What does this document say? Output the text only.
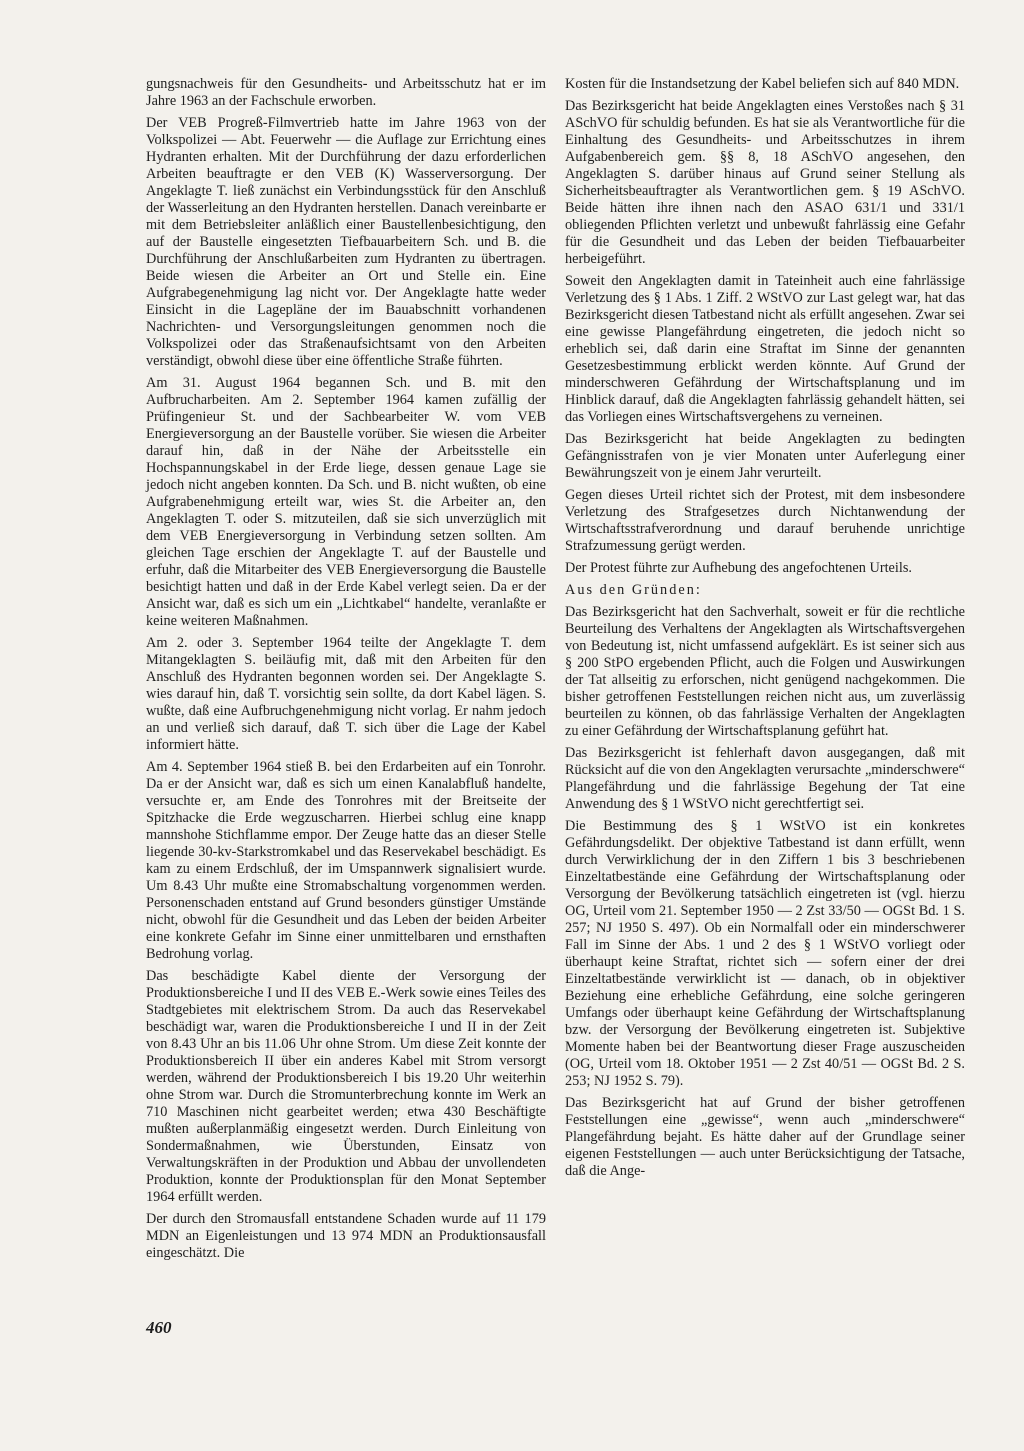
gungsnachweis für den Gesundheits- und Arbeitsschutz hat er im Jahre 1963 an der Fachschule erworben.

Der VEB Progreß-Filmvertrieb hatte im Jahre 1963 von der Volkspolizei — Abt. Feuerwehr — die Auflage zur Errichtung eines Hydranten erhalten. Mit der Durchführung der dazu erforderlichen Arbeiten beauftragte er den VEB (K) Wasserversorgung. Der Angeklagte T. ließ zunächst ein Verbindungsstück für den Anschluß der Wasserleitung an den Hydranten herstellen. Danach vereinbarte er mit dem Betriebsleiter anläßlich einer Baustellenbesichtigung, den auf der Baustelle eingesetzten Tiefbauarbeitern Sch. und B. die Durchführung der Anschlußarbeiten zum Hydranten zu übertragen. Beide wiesen die Arbeiter an Ort und Stelle ein. Eine Aufgrabegenehmigung lag nicht vor. Der Angeklagte hatte weder Einsicht in die Lagepläne der im Bauabschnitt vorhandenen Nachrichten- und Versorgungsleitungen genommen noch die Volkspolizei oder das Straßenaufsichtsamt von den Arbeiten verständigt, obwohl diese über eine öffentliche Straße führten.

Am 31. August 1964 begannen Sch. und B. mit den Aufbrucharbeiten. Am 2. September 1964 kamen zufällig der Prüfingenieur St. und der Sachbearbeiter W. vom VEB Energieversorgung an der Baustelle vorüber. Sie wiesen die Arbeiter darauf hin, daß in der Nähe der Arbeitsstelle ein Hochspannungskabel in der Erde liege, dessen genaue Lage sie jedoch nicht angeben konnten. Da Sch. und B. nicht wußten, ob eine Aufgrabenehmigung erteilt war, wies St. die Arbeiter an, den Angeklagten T. oder S. mitzuteilen, daß sie sich unverzüglich mit dem VEB Energieversorgung in Verbindung setzen sollten. Am gleichen Tage erschien der Angeklagte T. auf der Baustelle und erfuhr, daß die Mitarbeiter des VEB Energieversorgung die Baustelle besichtigt hatten und daß in der Erde Kabel verlegt seien. Da er der Ansicht war, daß es sich um ein „Lichtkabel“ handelte, veranlaßte er keine weiteren Maßnahmen.

Am 2. oder 3. September 1964 teilte der Angeklagte T. dem Mitangeklagten S. beiläufig mit, daß mit den Arbeiten für den Anschluß des Hydranten begonnen worden sei. Der Angeklagte S. wies darauf hin, daß T. vorsichtig sein sollte, da dort Kabel lägen. S. wußte, daß eine Aufbruchgenehmigung nicht vorlag. Er nahm jedoch an und verließ sich darauf, daß T. sich über die Lage der Kabel informiert hätte.

Am 4. September 1964 stieß B. bei den Erdarbeiten auf ein Tonrohr. Da er der Ansicht war, daß es sich um einen Kanalabfluß handelte, versuchte er, am Ende des Tonrohres mit der Breitseite der Spitzhacke die Erde wegzuscharren. Hierbei schlug eine knapp mannshohe Stichflamme empor. Der Zeuge hatte das an dieser Stelle liegende 30-kv-Starkstromkabel und das Reservekabel beschädigt. Es kam zu einem Erdschluß, der im Umspannwerk signalisiert wurde. Um 8.43 Uhr mußte eine Stromabschaltung vorgenommen werden. Personenschaden entstand auf Grund besonders günstiger Umstände nicht, obwohl für die Gesundheit und das Leben der beiden Arbeiter eine konkrete Gefahr im Sinne einer unmittelbaren und ernsthaften Bedrohung vorlag.

Das beschädigte Kabel diente der Versorgung der Produktionsbereiche I und II des VEB E.-Werk sowie eines Teiles des Stadtgebietes mit elektrischem Strom. Da auch das Reservekabel beschädigt war, waren die Produktionsbereiche I und II in der Zeit von 8.43 Uhr an bis 11.06 Uhr ohne Strom. Um diese Zeit konnte der Produktionsbereich II über ein anderes Kabel mit Strom versorgt werden, während der Produktionsbereich I bis 19.20 Uhr weiterhin ohne Strom war. Durch die Stromunterbrechung konnte im Werk an 710 Maschinen nicht gearbeitet werden; etwa 430 Beschäftigte mußten außerplanmäßig eingesetzt werden. Durch Einleitung von Sondermaßnahmen, wie Überstunden, Einsatz von Verwaltungskräften in der Produktion und Abbau der unvollendeten Produktion, konnte der Produktionsplan für den Monat September 1964 erfüllt werden.

Der durch den Stromausfall entstandene Schaden wurde auf 11 179 MDN an Eigenleistungen und 13 974 MDN an Produktionsausfall eingeschätzt. Die

Kosten für die Instandsetzung der Kabel beliefen sich auf 840 MDN.

Das Bezirksgericht hat beide Angeklagten eines Verstoßes nach § 31 ASchVO für schuldig befunden. Es hat sie als Verantwortliche für die Einhaltung des Gesundheits- und Arbeitsschutzes in ihrem Aufgabenbereich gem. §§ 8, 18 ASchVO angesehen, den Angeklagten S. darüber hinaus auf Grund seiner Stellung als Sicherheitsbeauftragter als Verantwortlichen gem. § 19 ASchVO. Beide hätten ihre ihnen nach den ASAO 631/1 und 331/1 obliegenden Pflichten verletzt und unbewußt fahrlässig eine Gefahr für die Gesundheit und das Leben der beiden Tiefbauarbeiter herbeigeführt.

Soweit den Angeklagten damit in Tateinheit auch eine fahrlässige Verletzung des § 1 Abs. 1 Ziff. 2 WStVO zur Last gelegt war, hat das Bezirksgericht diesen Tatbestand nicht als erfüllt angesehen. Zwar sei eine gewisse Plangefährdung eingetreten, die jedoch nicht so erheblich sei, daß darin eine Straftat im Sinne der genannten Gesetzesbestimmung erblickt werden könnte. Auf Grund der minderschweren Gefährdung der Wirtschaftsplanung und im Hinblick darauf, daß die Angeklagten fahrlässig gehandelt hätten, sei das Vorliegen eines Wirtschaftsvergehens zu verneinen.

Das Bezirksgericht hat beide Angeklagten zu bedingten Gefängnisstrafen von je vier Monaten unter Auferlegung einer Bewährungszeit von je einem Jahr verurteilt.

Gegen dieses Urteil richtet sich der Protest, mit dem insbesondere Verletzung des Strafgesetzes durch Nichtanwendung der Wirtschaftsstrafverordnung und darauf beruhende unrichtige Strafzumessung gerügt werden.

Der Protest führte zur Aufhebung des angefochtenen Urteils.

Aus den Gründen:

Das Bezirksgericht hat den Sachverhalt, soweit er für die rechtliche Beurteilung des Verhaltens der Angeklagten als Wirtschaftsvergehen von Bedeutung ist, nicht umfassend aufgeklärt. Es ist seiner sich aus § 200 StPO ergebenden Pflicht, auch die Folgen und Auswirkungen der Tat allseitig zu erforschen, nicht genügend nachgekommen. Die bisher getroffenen Feststellungen reichen nicht aus, um zuverlässig beurteilen zu können, ob das fahrlässige Verhalten der Angeklagten zu einer Gefährdung der Wirtschaftsplanung geführt hat.

Das Bezirksgericht ist fehlerhaft davon ausgegangen, daß mit Rücksicht auf die von den Angeklagten verursachte „minderschwere“ Plangefährdung und die fahrlässige Begehung der Tat eine Anwendung des § 1 WStVO nicht gerechtfertigt sei.

Die Bestimmung des § 1 WStVO ist ein konkretes Gefährdungsdelikt. Der objektive Tatbestand ist dann erfüllt, wenn durch Verwirklichung der in den Ziffern 1 bis 3 beschriebenen Einzeltatbestände eine Gefährdung der Wirtschaftsplanung oder Versorgung der Bevölkerung tatsächlich eingetreten ist (vgl. hierzu OG, Urteil vom 21. September 1950 — 2 Zst 33/50 — OGSt Bd. 1 S. 257; NJ 1950 S. 497). Ob ein Normalfall oder ein minderschwerer Fall im Sinne der Abs. 1 und 2 des § 1 WStVO vorliegt oder überhaupt keine Straftat, richtet sich — sofern einer der drei Einzeltatbestände verwirklicht ist — danach, ob in objektiver Beziehung eine erhebliche Gefährdung, eine solche geringeren Umfangs oder überhaupt keine Gefährdung der Wirtschaftsplanung bzw. der Versorgung der Bevölkerung eingetreten ist. Subjektive Momente haben bei der Beantwortung dieser Frage auszuscheiden (OG, Urteil vom 18. Oktober 1951 — 2 Zst 40/51 — OGSt Bd. 2 S. 253; NJ 1952 S. 79).

Das Bezirksgericht hat auf Grund der bisher getroffenen Feststellungen eine „gewisse“, wenn auch „minderschwere“ Plangefährdung bejaht. Es hätte daher auf der Grundlage seiner eigenen Feststellungen — auch unter Berücksichtigung der Tatsache, daß die Ange-

460
